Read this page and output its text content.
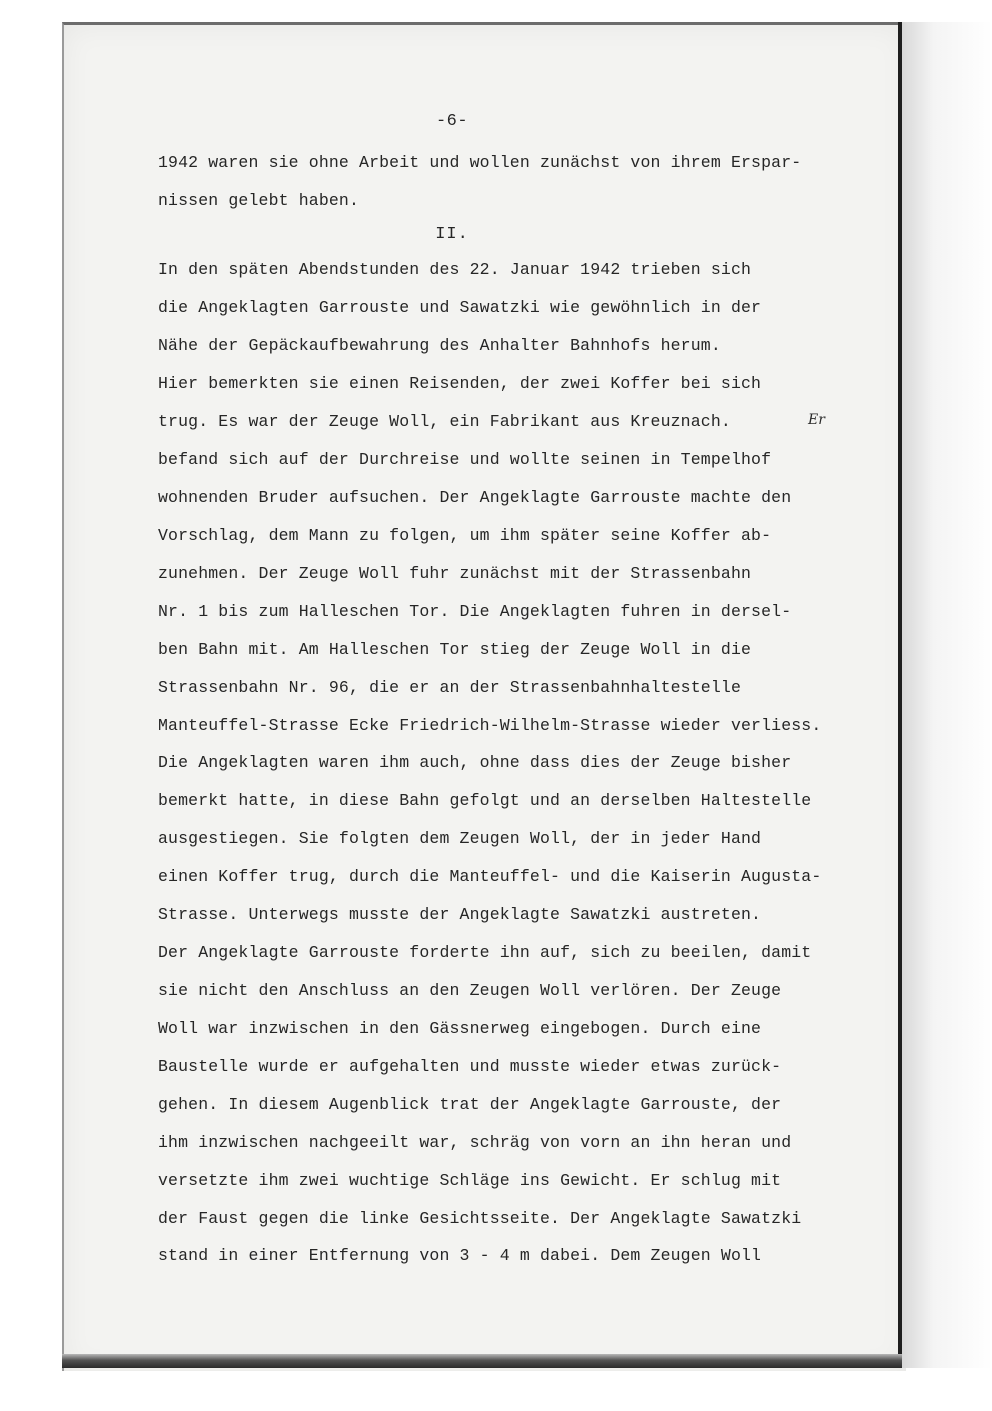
-6-
1942 waren sie ohne Arbeit und wollen zunächst von ihrem Erspar-
nissen gelebt haben.
II.
In den späten Abendstunden des 22. Januar 1942 trieben sich
die Angeklagten Garrouste und Sawatzki wie gewöhnlich in der
Nähe der Gepäckaufbewahrung des Anhalter Bahnhofs herum.
Hier bemerkten sie einen Reisenden, der zwei Koffer bei sich
trug. Es war der Zeuge Woll, ein Fabrikant aus Kreuznach.
befand sich auf der Durchreise und wollte seinen in Tempelhof
wohnenden Bruder aufsuchen. Der Angeklagte Garrouste machte den
Vorschlag, dem Mann zu folgen, um ihm später seine Koffer ab-
zunehmen. Der Zeuge Woll fuhr zunächst mit der Strassenbahn
Nr. 1 bis zum Halleschen Tor. Die Angeklagten fuhren in dersel-
ben Bahn mit. Am Halleschen Tor stieg der Zeuge Woll in die
Strassenbahn Nr. 96, die er an der Strassenbahnhaltestelle
Manteuffel-Strasse Ecke Friedrich-Wilhelm-Strasse wieder verliess.
Die Angeklagten waren ihm auch, ohne dass dies der Zeuge bisher
bemerkt hatte, in diese Bahn gefolgt und an derselben Haltestelle
ausgestiegen. Sie folgten dem Zeugen Woll, der in jeder Hand
einen Koffer trug, durch die Manteuffel- und die Kaiserin Augusta-
Strasse. Unterwegs musste der Angeklagte Sawatzki austreten.
Der Angeklagte Garrouste forderte ihn auf, sich zu beeilen, damit
sie nicht den Anschluss an den Zeugen Woll verlören. Der Zeuge
Woll war inzwischen in den Gässnerweg eingebogen. Durch eine
Baustelle wurde er aufgehalten und musste wieder etwas zurück-
gehen. In diesem Augenblick trat der Angeklagte Garrouste, der
ihm inzwischen nachgeeilt war, schräg von vorn an ihn heran und
versetzte ihm zwei wuchtige Schläge ins Gewicht. Er schlug mit
der Faust gegen die linke Gesichtsseite. Der Angeklagte Sawatzki
stand in einer Entfernung von 3 - 4 m dabei. Dem Zeugen Woll
Er
